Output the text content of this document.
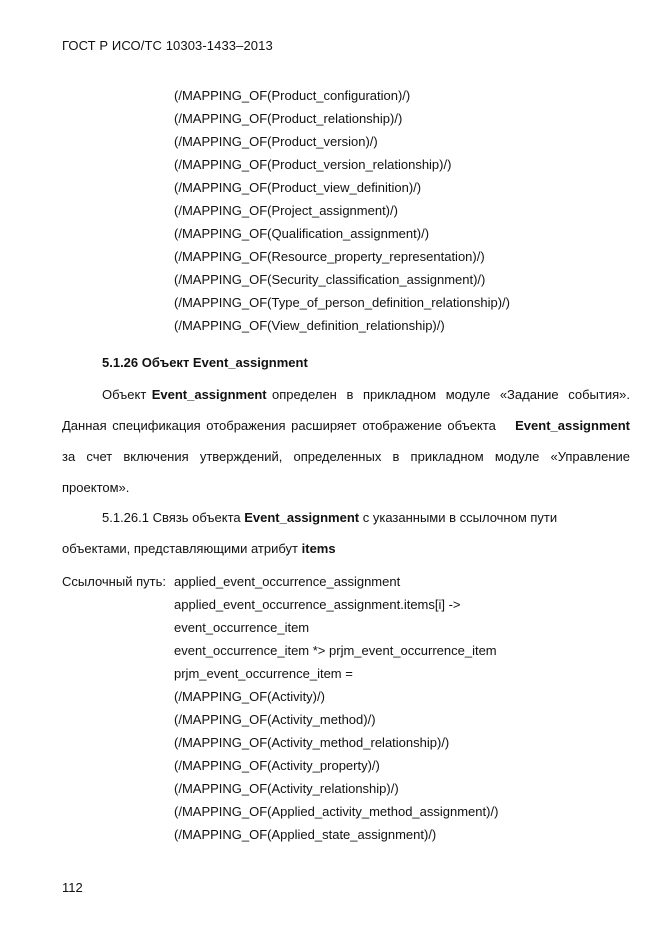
ГОСТ Р ИСО/ТС 10303-1433–2013
(/MAPPING_OF(Product_configuration)/)
(/MAPPING_OF(Product_relationship)/)
(/MAPPING_OF(Product_version)/)
(/MAPPING_OF(Product_version_relationship)/)
(/MAPPING_OF(Product_view_definition)/)
(/MAPPING_OF(Project_assignment)/)
(/MAPPING_OF(Qualification_assignment)/)
(/MAPPING_OF(Resource_property_representation)/)
(/MAPPING_OF(Security_classification_assignment)/)
(/MAPPING_OF(Type_of_person_definition_relationship)/)
(/MAPPING_OF(View_definition_relationship)/)
5.1.26 Объект Event_assignment
Объект Event_assignment определен в прикладном модуле «Задание события».
Данная спецификация отображения расширяет отображение объекта Event_assignment
за счет включения утверждений, определенных в прикладном модуле «Управление
проектом».
5.1.26.1 Связь объекта Event_assignment с указанными в ссылочном пути
объектами, представляющими атрибут items
Ссылочный путь: applied_event_occurrence_assignment
applied_event_occurrence_assignment.items[i] ->
event_occurrence_item
event_occurrence_item *> prjm_event_occurrence_item
prjm_event_occurrence_item =
(/MAPPING_OF(Activity)/)
(/MAPPING_OF(Activity_method)/)
(/MAPPING_OF(Activity_method_relationship)/)
(/MAPPING_OF(Activity_property)/)
(/MAPPING_OF(Activity_relationship)/)
(/MAPPING_OF(Applied_activity_method_assignment)/)
(/MAPPING_OF(Applied_state_assignment)/)
112
